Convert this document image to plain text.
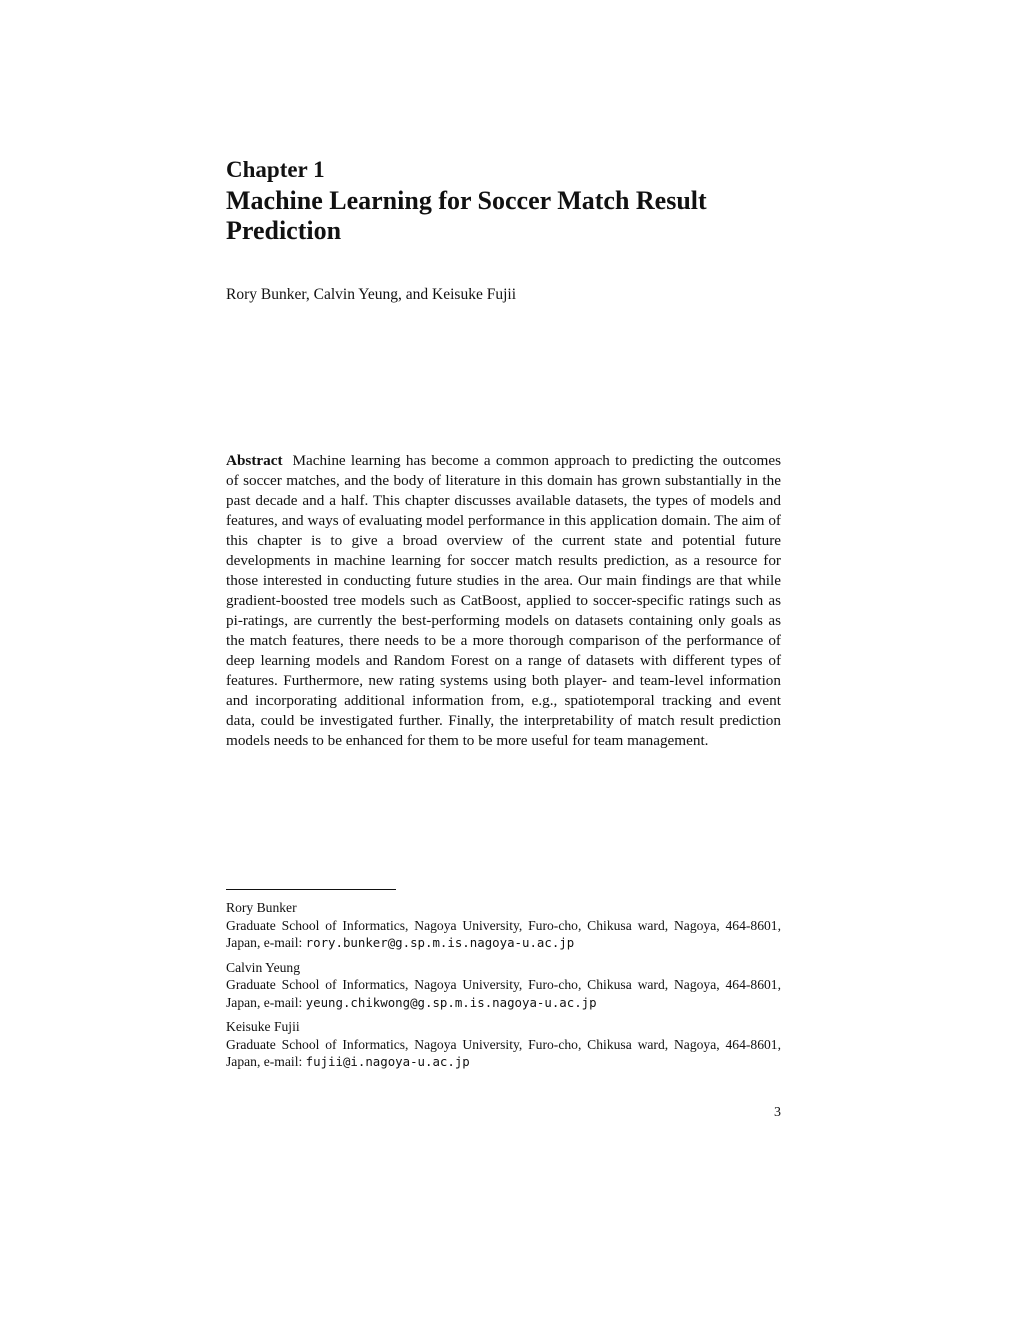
Chapter 1
Machine Learning for Soccer Match Result Prediction
Rory Bunker, Calvin Yeung, and Keisuke Fujii

Abstract Machine learning has become a common approach to predicting the outcomes of soccer matches, and the body of literature in this domain has grown substantially in the past decade and a half. This chapter discusses available datasets, the types of models and features, and ways of evaluating model performance in this application domain. The aim of this chapter is to give a broad overview of the current state and potential future developments in machine learning for soccer match results prediction, as a resource for those interested in conducting future studies in the area. Our main findings are that while gradient-boosted tree models such as CatBoost, applied to soccer-specific ratings such as pi-ratings, are currently the best-performing models on datasets containing only goals as the match features, there needs to be a more thorough comparison of the performance of deep learning models and Random Forest on a range of datasets with different types of features. Furthermore, new rating systems using both player- and team-level information and incorporating additional information from, e.g., spatiotemporal tracking and event data, could be investigated further. Finally, the interpretability of match result prediction models needs to be enhanced for them to be more useful for team management.

Rory Bunker
Graduate School of Informatics, Nagoya University, Furo-cho, Chikusa ward, Nagoya, 464-8601, Japan, e-mail: rory.bunker@g.sp.m.is.nagoya-u.ac.jp
Calvin Yeung
Graduate School of Informatics, Nagoya University, Furo-cho, Chikusa ward, Nagoya, 464-8601, Japan, e-mail: yeung.chikwong@g.sp.m.is.nagoya-u.ac.jp
Keisuke Fujii
Graduate School of Informatics, Nagoya University, Furo-cho, Chikusa ward, Nagoya, 464-8601, Japan, e-mail: fujii@i.nagoya-u.ac.jp
3
